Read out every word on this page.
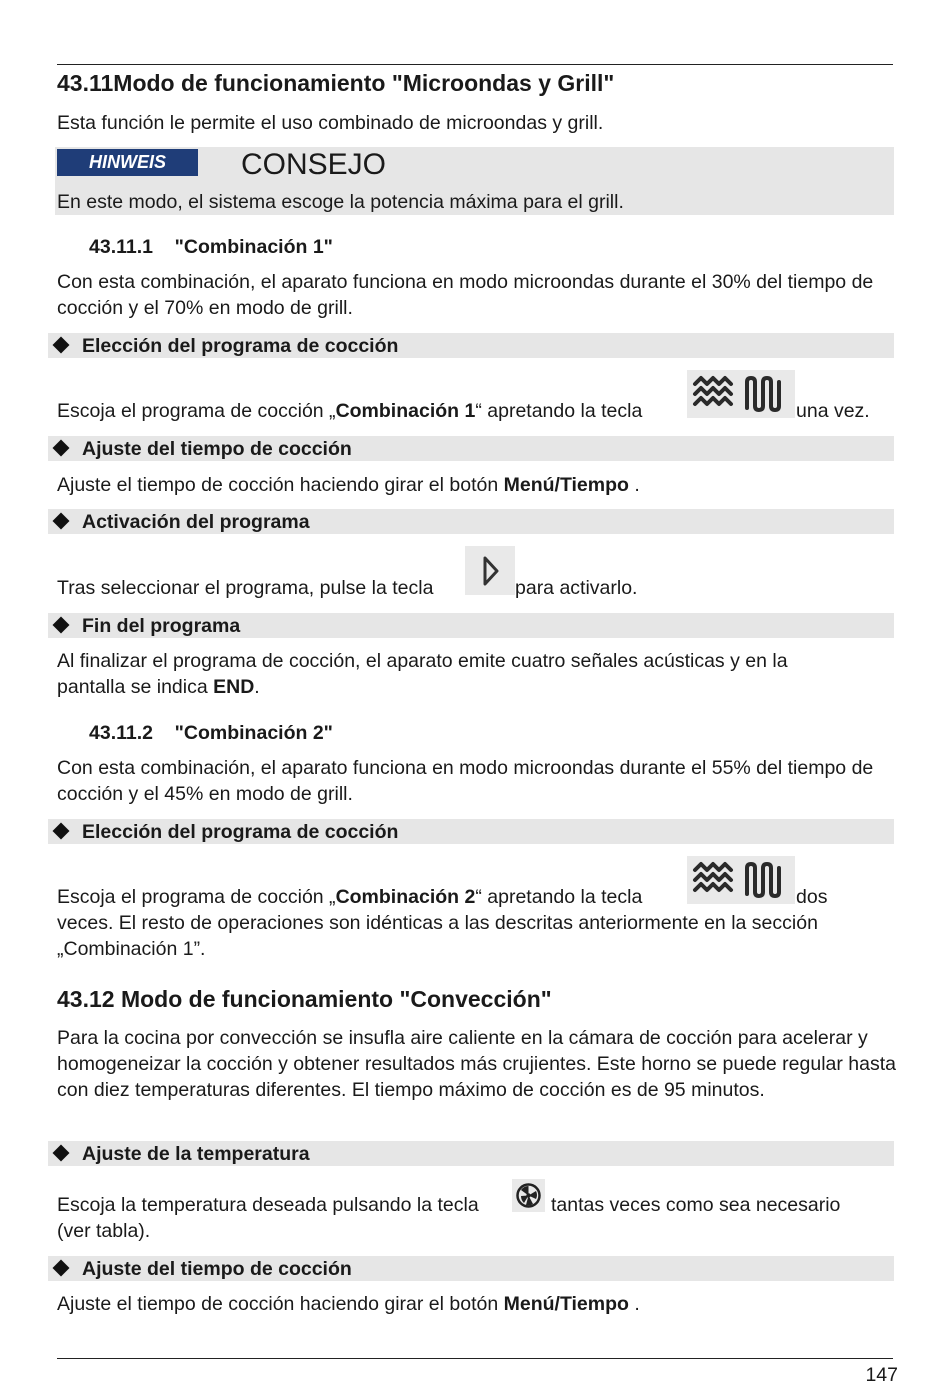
43.11Modo de funcionamiento "Microondas y Grill"
Esta función le permite el uso combinado de microondas y grill.
HINWEIS	CONSEJO
En este modo, el sistema escoge la potencia máxima para el grill.
43.11.1    "Combinación 1"
Con esta combinación, el aparato funciona en modo microondas durante el 30% del tiempo de cocción y el 70% en modo de grill.
Elección del programa de cocción
Escoja el programa de cocción „Combinación 1“ apretando la tecla	una vez.
Ajuste del tiempo de cocción
Ajuste el tiempo de cocción haciendo girar el botón Menú/Tiempo .
Activación del programa
Tras seleccionar el programa, pulse la tecla	para activarlo.
Fin del programa
Al finalizar el programa de cocción, el aparato emite cuatro señales acústicas y en la pantalla se indica END.
43.11.2    "Combinación 2"
Con esta combinación, el aparato funciona en modo microondas durante el 55% del tiempo de cocción y el 45% en modo de grill.
Elección del programa de cocción
Escoja el programa de cocción „Combinación 2“ apretando la tecla	dos
veces. El resto de operaciones son idénticas a las descritas anteriormente en la sección „Combinación 1”.
43.12 Modo de funcionamiento "Convección"
Para la cocina por convección se insufla aire caliente en la cámara de cocción para acelerar y homogeneizar la cocción y obtener resultados más crujientes. Este horno se puede regular hasta con diez temperaturas diferentes. El tiempo máximo de cocción es de 95 minutos.
Ajuste de la temperatura
Escoja la temperatura deseada pulsando la tecla	tantas veces como sea necesario
(ver tabla).
Ajuste del tiempo de cocción
Ajuste el tiempo de cocción haciendo girar el botón Menú/Tiempo .
147
